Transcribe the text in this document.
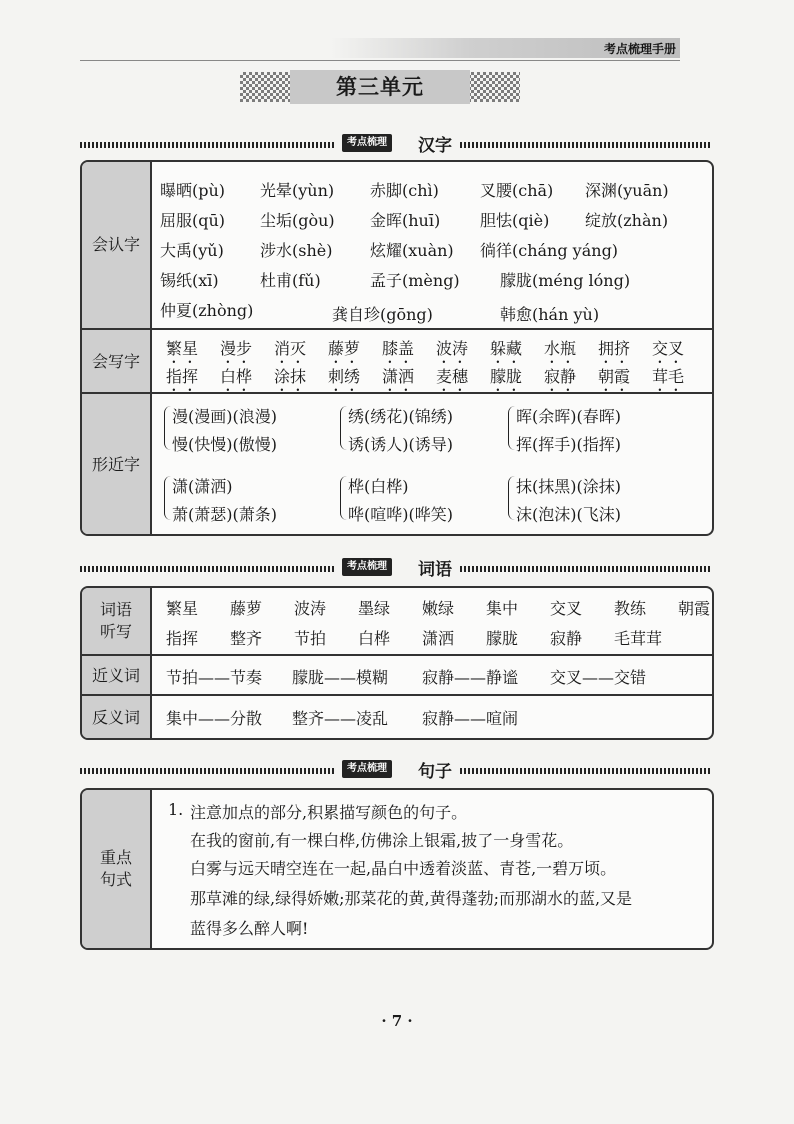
考点梳理手册
第三单元
考点梳理 汉字
会认字
曝晒(pù) 光晕(yùn) 赤脚(chì)	叉腰(chā) 深渊(yuān)
屈服(qū) 尘垢(gòu) 金晖(huī) 胆怯(qiè) 绽放(zhàn)
大禹(yǔ) 涉水(shè) 炫耀(xuàn) 徜徉(cháng yáng)
锡纸(xī)	杜甫(fǔ)	孟子(mèng)	朦胧(méng lóng)
仲夏(zhòng)	龚自珍(gōng)	韩愈(hán yù)
会写字
繁星 漫步 消灭 藤萝 膝盖 波涛 躲藏 水瓶 拥挤 交叉
指挥 白桦 涂抹 刺绣 潇洒 麦穗 朦胧 寂静 朝霞 茸毛
形近字
漫(漫画)(浪漫)
慢(快慢)(傲慢)
绣(绣花)(锦绣)
诱(诱人)(诱导)
晖(余晖)(春晖)
挥(挥手)(指挥)
潇(潇洒)
萧(萧瑟)(萧条)
桦(白桦)
哗(喧哗)(哗笑)
抹(抹黑)(涂抹)
沫(泡沫)(飞沫)
考点梳理 词语
词语
听写
繁星 藤萝 波涛 墨绿 嫩绿 集中 交叉 教练 朝霞
指挥 整齐 节拍 白桦 潇洒 朦胧 寂静 毛茸茸
近义词	节拍——节奏 朦胧——模糊 寂静——静谧 交叉——交错
反义词	集中——分散 整齐——凌乱 寂静——喧闹
考点梳理 句子
重点
句式
1. 注意加点的部分,积累描写颜色的句子。
在我的窗前,有一棵白桦,仿佛涂上银霜,披了一身雪花。
白雾与远天晴空连在一起,晶白中透着淡蓝、青苍,一碧万顷。
那草滩的绿,绿得娇嫩;那菜花的黄,黄得蓬勃;而那湖水的蓝,又是
蓝得多么醉人啊!
· 7 ·
